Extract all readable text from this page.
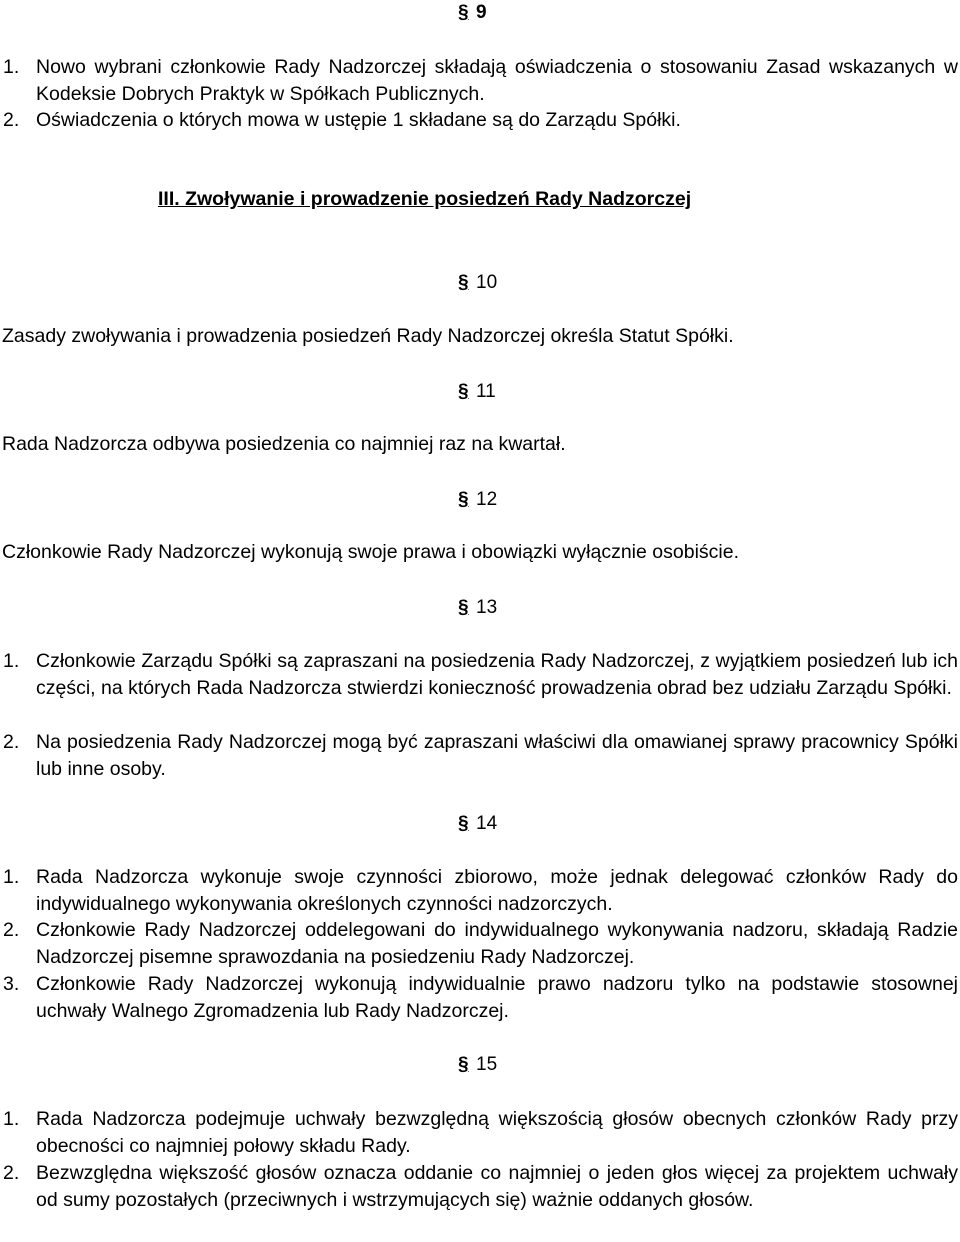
§ 9
1. Nowo wybrani członkowie Rady Nadzorczej składają oświadczenia o stosowaniu Zasad wskazanych w Kodeksie Dobrych Praktyk w Spółkach Publicznych.
2. Oświadczenia o których mowa w ustępie 1 składane są do Zarządu Spółki.
III. Zwoływanie i prowadzenie posiedzeń Rady Nadzorczej
§ 10
Zasady zwoływania i prowadzenia posiedzeń Rady Nadzorczej określa Statut Spółki.
§ 11
Rada Nadzorcza odbywa posiedzenia co najmniej raz na kwartał.
§ 12
Członkowie Rady Nadzorczej wykonują swoje prawa i obowiązki wyłącznie osobiście.
§ 13
1. Członkowie Zarządu Spółki są zapraszani na posiedzenia Rady Nadzorczej, z wyjątkiem posiedzeń lub ich części, na których Rada Nadzorcza stwierdzi konieczność prowadzenia obrad bez udziału Zarządu Spółki.
2. Na posiedzenia Rady Nadzorczej mogą być zapraszani właściwi dla omawianej sprawy pracownicy Spółki lub inne osoby.
§ 14
1. Rada Nadzorcza wykonuje swoje czynności zbiorowo, może jednak delegować członków Rady do indywidualnego wykonywania określonych czynności nadzorczych.
2. Członkowie Rady Nadzorczej oddelegowani do indywidualnego wykonywania nadzoru, składają Radzie Nadzorczej pisemne sprawozdania na posiedzeniu Rady Nadzorczej.
3. Członkowie Rady Nadzorczej wykonują indywidualnie prawo nadzoru tylko na podstawie stosownej uchwały Walnego Zgromadzenia lub Rady Nadzorczej.
§ 15
1. Rada Nadzorcza podejmuje uchwały bezwzględną większością głosów obecnych członków Rady przy obecności co najmniej połowy składu Rady.
2. Bezwzględna większość głosów oznacza oddanie co najmniej o jeden głos więcej za projektem uchwały od sumy pozostałych (przeciwnych i wstrzymujących się) ważnie oddanych głosów.
